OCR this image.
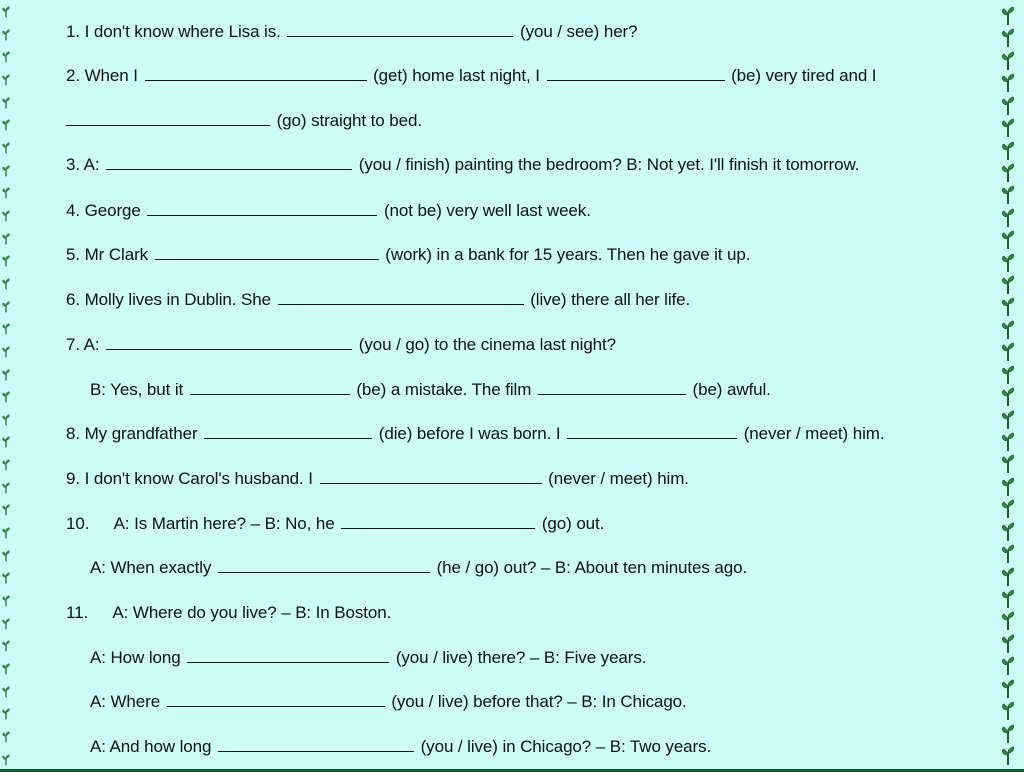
1. I don't know where Lisa is.	(you / see) her?
2. When I	(get) home last night, I	(be) very tired and I
(go) straight to bed.
3. A:	(you / finish) painting the bedroom? B: Not yet. I'll finish it tomorrow.
4. George	(not be) very well last week.
5. Mr Clark	(work) in a bank for 15 years. Then he gave it up.
6. Molly lives in Dublin. She	(live) there all her life.
7. A:	(you / go) to the cinema last night?
B: Yes, but it	(be) a mistake. The film	(be) awful.
8. My grandfather	(die) before I was born. I	(never / meet) him.
9. I don't know Carol's husband. I	(never / meet) him.
10. A: Is Martin here? – B: No, he	(go) out.
A: When exactly	(he / go) out? – B: About ten minutes ago.
11. A: Where do you live? – B: In Boston.
A: How long	(you / live) there? – B: Five years.
A: Where	(you / live) before that? – B: In Chicago.
A: And how long	(you / live) in Chicago? – B: Two years.
